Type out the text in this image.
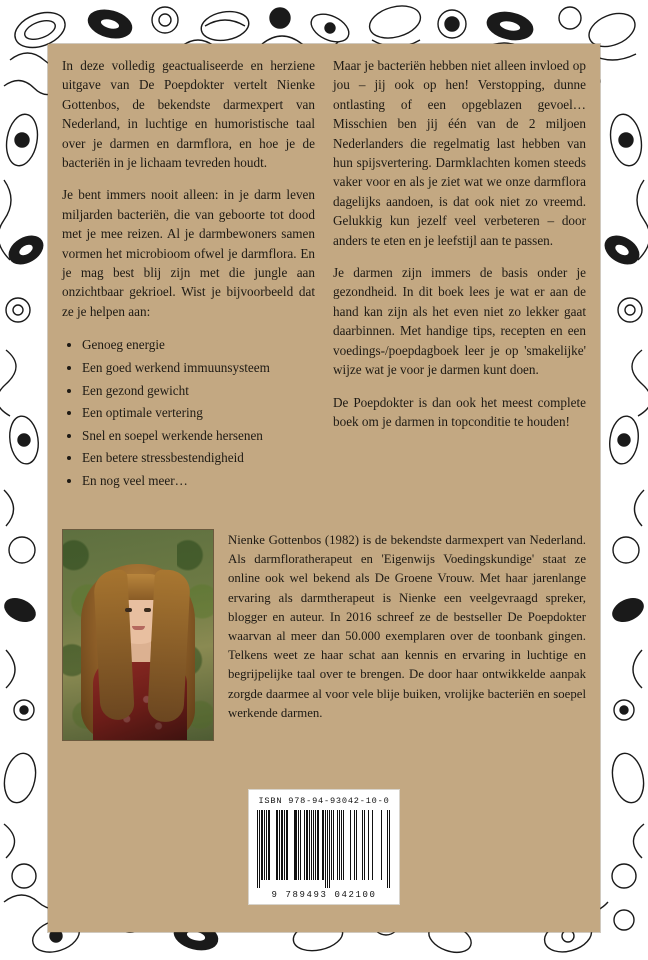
In deze volledig geactualiseerde en herziene uitgave van De Poepdokter vertelt Nienke Gottenbos, de bekendste darmexpert van Nederland, in luchtige en humoristische taal over je darmen en darmflora, en hoe je de bacteriën in je lichaam tevreden houdt.

Je bent immers nooit alleen: in je darm leven miljarden bacteriën, die van geboorte tot dood met je mee reizen. Al je darmbewoners samen vormen het microbioom ofwel je darmflora. En je mag best blij zijn met die jungle aan onzichtbaar gekrioel. Wist je bijvoorbeeld dat ze je helpen aan:

• Genoeg energie
• Een goed werkend immuunsysteem
• Een gezond gewicht
• Een optimale vertering
• Snel en soepel werkende hersenen
• Een betere stressbestendigheid
• En nog veel meer…

Maar je bacteriën hebben niet alleen invloed op jou – jij ook op hen! Verstopping, dunne ontlasting of een opgeblazen gevoel… Misschien ben jij één van de 2 miljoen Nederlanders die regelmatig last hebben van hun spijsvertering. Darmklachten komen steeds vaker voor en als je ziet wat we onze darmflora dagelijks aandoen, is dat ook niet zo vreemd. Gelukkig kun jezelf veel verbeteren – door anders te eten en je leefstijl aan te passen.

Je darmen zijn immers de basis onder je gezondheid. In dit boek lees je wat er aan de hand kan zijn als het even niet zo lekker gaat daarbinnen. Met handige tips, recepten en een voedings-/poepdagboek leer je op 'smakelijke' wijze wat je voor je darmen kunt doen.

De Poepdokter is dan ook het meest complete boek om je darmen in topconditie te houden!

Nienke Gottenbos (1982) is de bekendste darmexpert van Nederland. Als darmfloratherapeut en 'Eigenwijs Voedingskundige' staat ze online ook wel bekend als De Groene Vrouw. Met haar jarenlange ervaring als darmtherapeut is Nienke een veelgevraagd spreker, blogger en auteur. In 2016 schreef ze de bestseller De Poepdokter waarvan al meer dan 50.000 exemplaren over de toonbank gingen. Telkens weet ze haar schat aan kennis en ervaring in luchtige en begrijpelijke taal over te brengen. De door haar ontwikkelde aanpak zorgde daarmee al voor vele blije buiken, vrolijke bacteriën en soepel werkende darmen.

ISBN 978-94-93042-10-0
9 789493 042100
